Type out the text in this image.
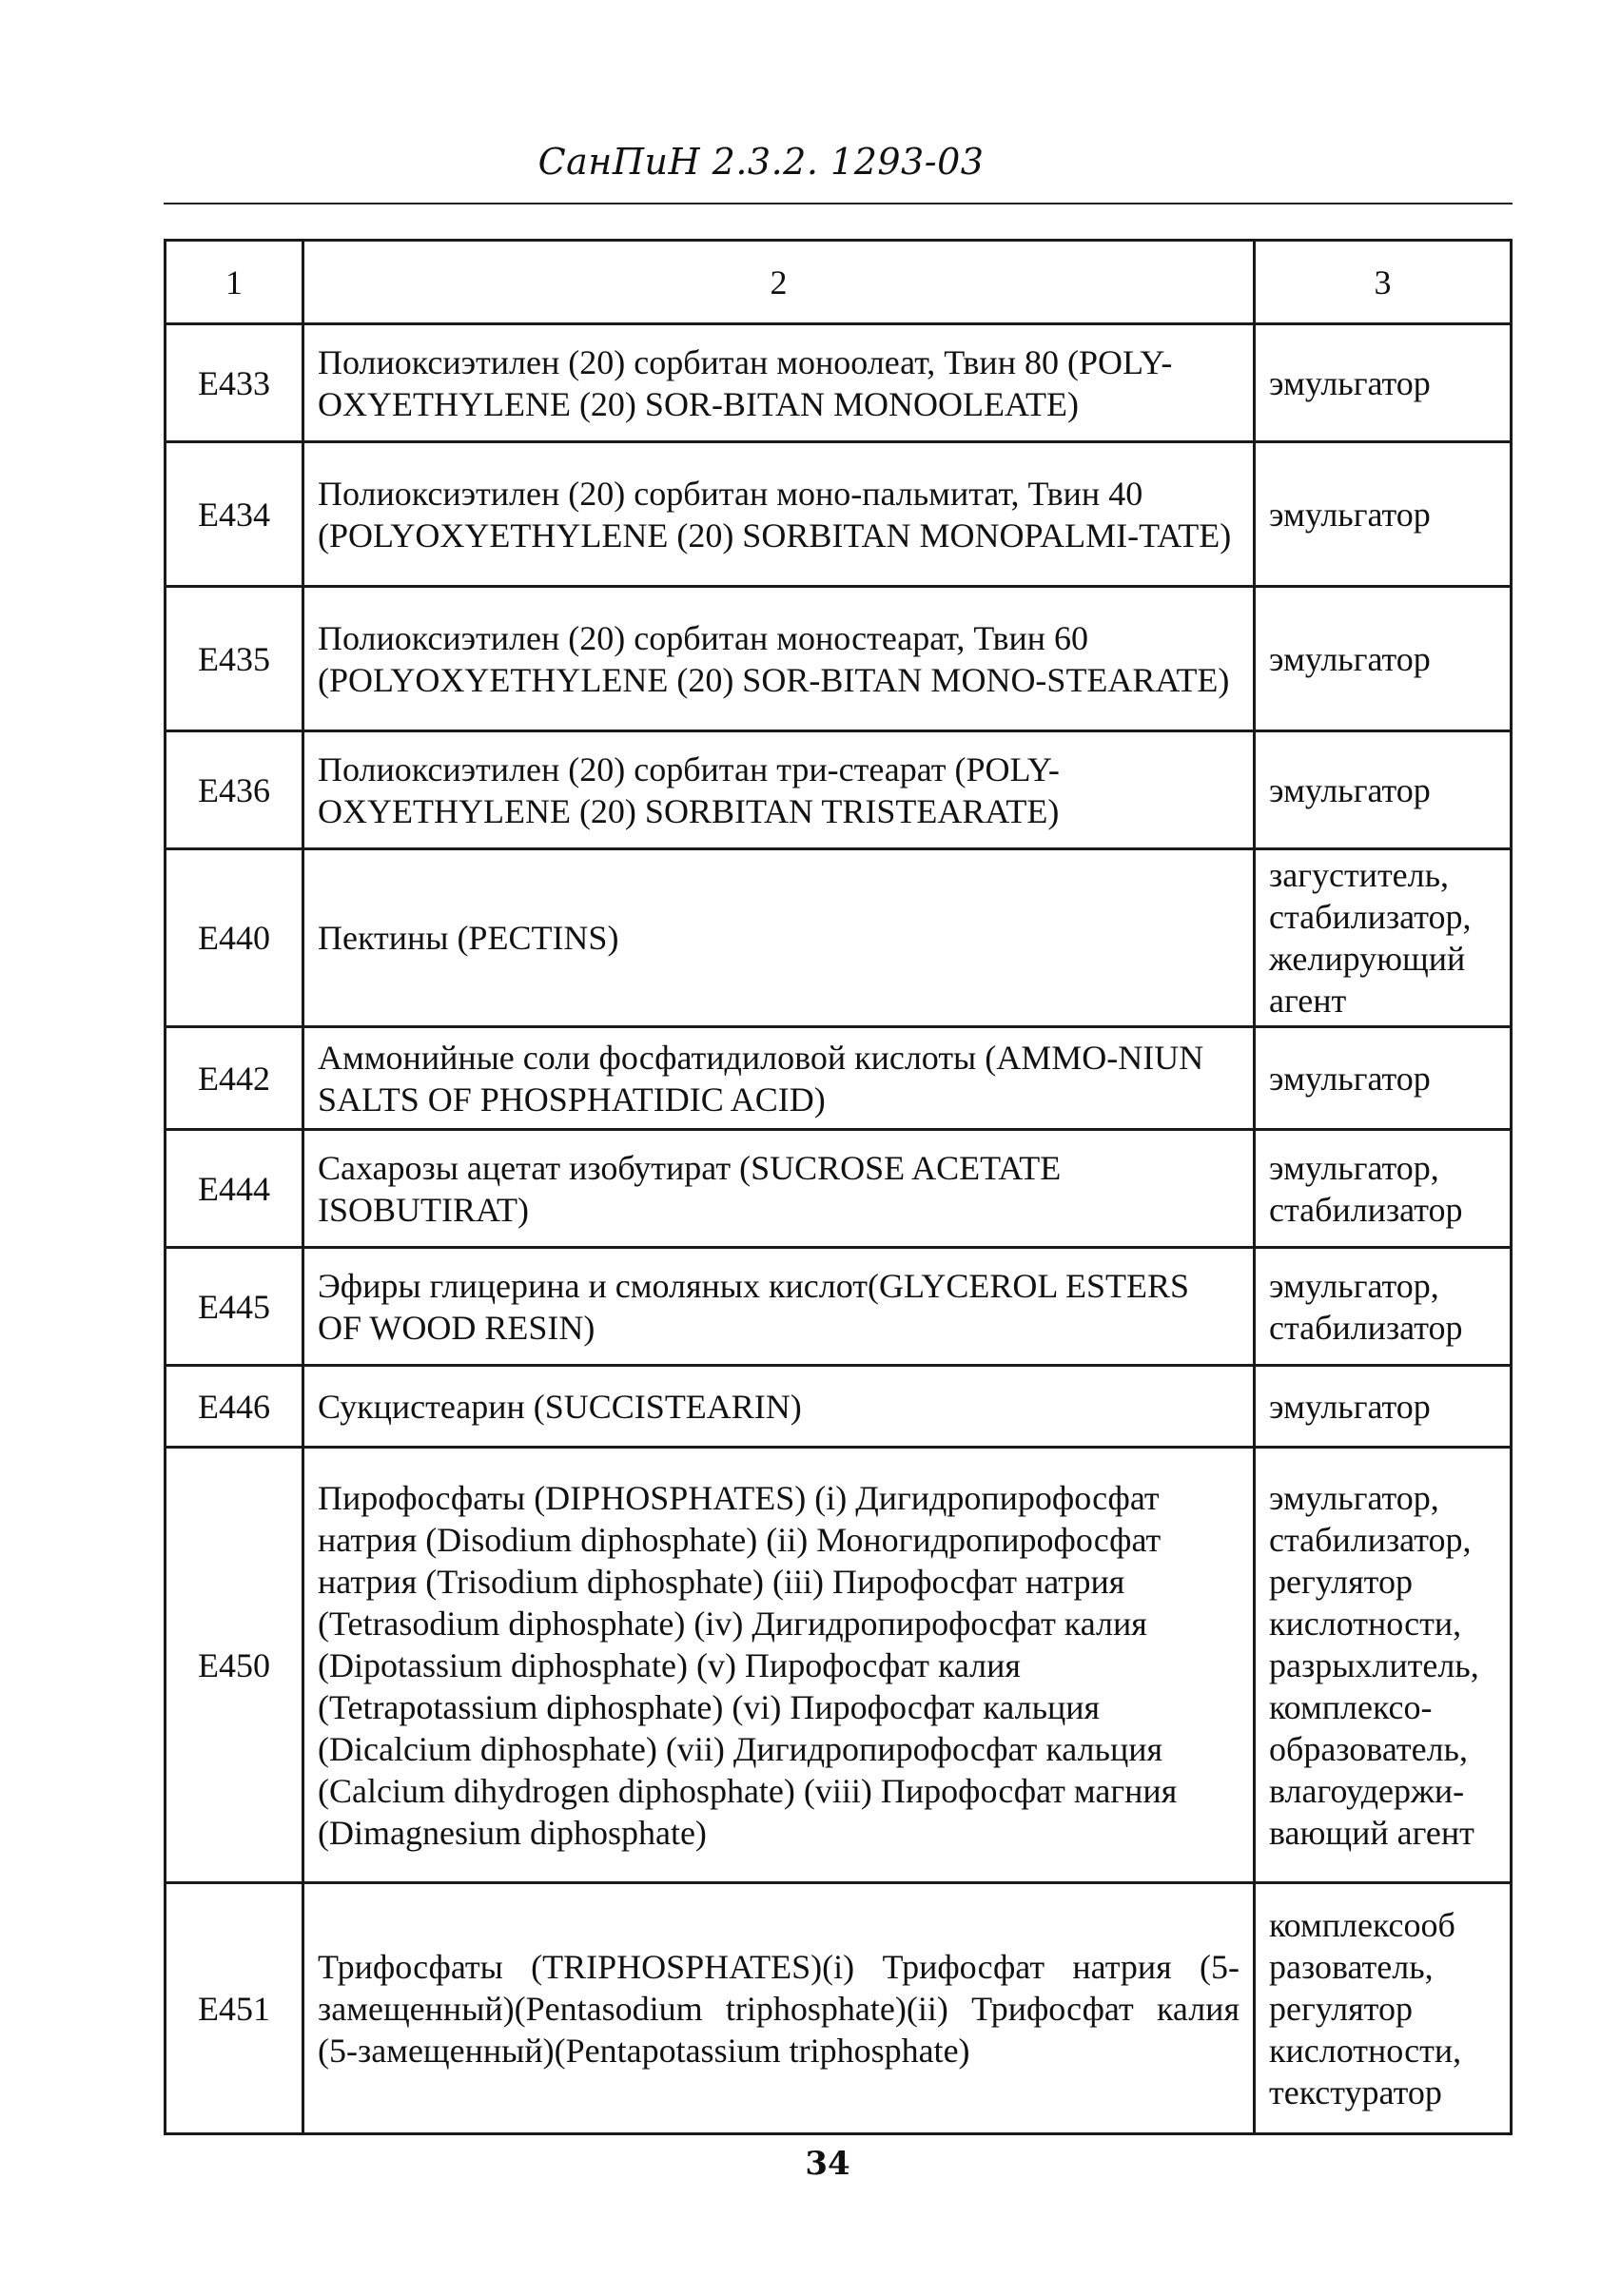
СанПиН 2.3.2. 1293-03
1	2	3
Е433	Полиоксиэтилен (20) сорбитан моноолеат, Твин 80 (POLY-OXYETHYLENE (20) SOR-BITAN MONOOLEATE)	эмульгатор
Е434	Полиоксиэтилен (20) сорбитан моно-пальмитат, Твин 40 (POLYOXYETHYLENE (20) SORBITAN MONOPALMI-TATE)	эмульгатор
Е435	Полиоксиэтилен (20) сорбитан моностеарат, Твин 60 (POLYOXYETHYLENE (20) SOR-BITAN MONO-STEARATE)	эмульгатор
Е436	Полиоксиэтилен (20) сорбитан три-стеарат (POLY-OXYETHYLENE (20) SORBITAN TRISTEARATE)	эмульгатор
Е440	Пектины (PECTINS)	загуститель, стабилизатор, желирующий агент
Е442	Аммонийные соли фосфатидиловой кислоты (AMMO-NIUN SALTS OF PHOSPHATIDIC ACID)	эмульгатор
Е444	Сахарозы ацетат изобутират (SUCROSE ACETATE ISOBUTIRAT)	эмульгатор, стабилизатор
Е445	Эфиры глицерина и смоляных кислот(GLYCEROL ESTERS OF WOOD RESIN)	эмульгатор, стабилизатор
Е446	Сукцистеарин (SUCCISTEARIN)	эмульгатор
Е450	Пирофосфаты (DIPHOSPHATES) (i) Дигидропирофосфат натрия (Disodium diphosphate) (ii) Моногидропирофосфат натрия (Trisodium diphosphate) (iii) Пирофосфат натрия (Tetrasodium diphosphate) (iv) Дигидропирофосфат калия (Dipotassium diphosphate) (v) Пирофосфат калия (Tetrapotassium diphosphate) (vi) Пирофосфат кальция (Dicalcium diphosphate) (vii) Дигидропирофосфат кальция (Calcium dihydrogen diphosphate) (viii) Пирофосфат магния (Dimagnesium diphosphate)	эмульгатор, стабилизатор, регулятор кислотности, разрыхлитель, комплексо-образователь, влагоудержи-вающий агент
Е451	Трифосфаты (TRIPHOSPHATES)(i) Трифосфат натрия (5-замещенный)(Pentasodium triphosphate)(ii) Трифосфат калия (5-замещенный)(Pentapotassium triphosphate)	комплексооб разователь, регулятор кислотности, текстуратор
34
